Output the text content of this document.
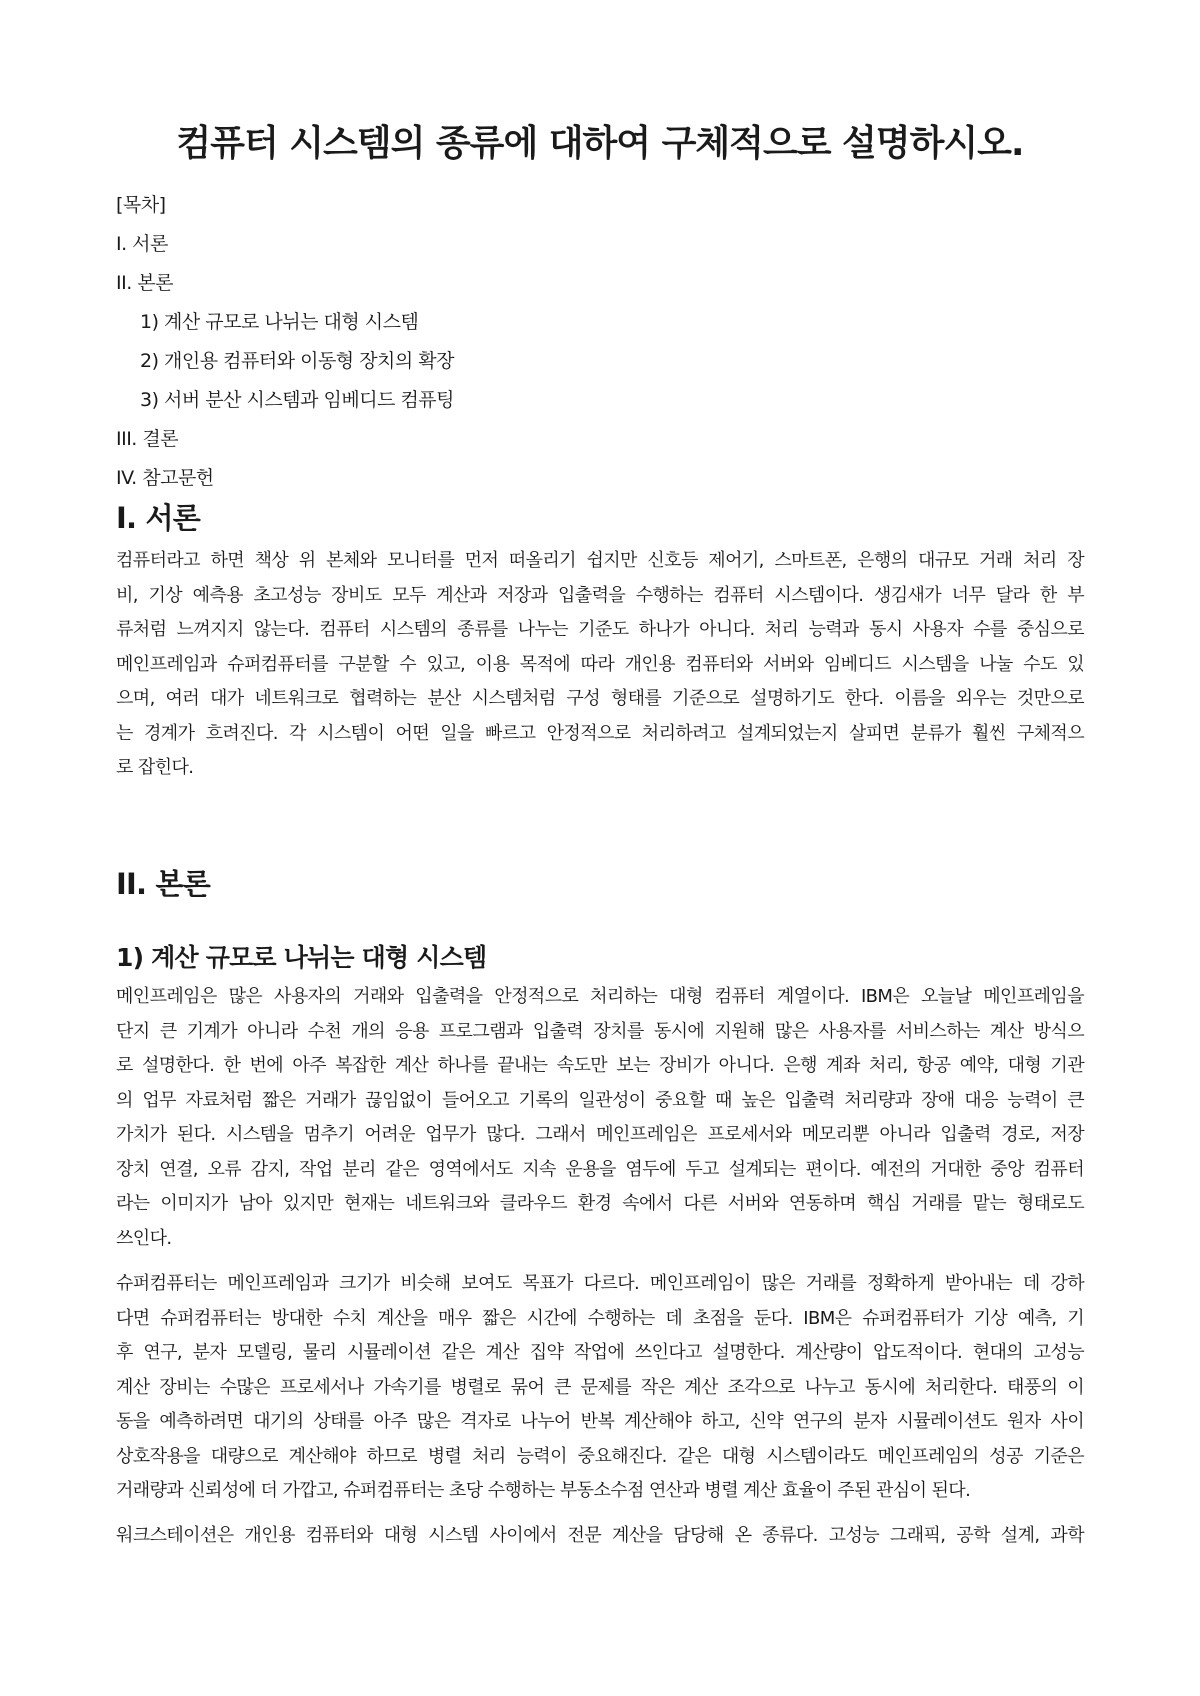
컴퓨터 시스템의 종류에 대하여 구체적으로 설명하시오.
[목차]
I. 서론
II. 본론
1) 계산 규모로 나뉘는 대형 시스템
2) 개인용 컴퓨터와 이동형 장치의 확장
3) 서버 분산 시스템과 임베디드 컴퓨팅
III. 결론
IV. 참고문헌
I. 서론
컴퓨터라고 하면 책상 위 본체와 모니터를 먼저 떠올리기 쉽지만 신호등 제어기, 스마트폰, 은행의 대규모 거래 처리 장
비, 기상 예측용 초고성능 장비도 모두 계산과 저장과 입출력을 수행하는 컴퓨터 시스템이다. 생김새가 너무 달라 한 부
류처럼 느껴지지 않는다. 컴퓨터 시스템의 종류를 나누는 기준도 하나가 아니다. 처리 능력과 동시 사용자 수를 중심으로
메인프레임과 슈퍼컴퓨터를 구분할 수 있고, 이용 목적에 따라 개인용 컴퓨터와 서버와 임베디드 시스템을 나눌 수도 있
으며, 여러 대가 네트워크로 협력하는 분산 시스템처럼 구성 형태를 기준으로 설명하기도 한다. 이름을 외우는 것만으로
는 경계가 흐려진다. 각 시스템이 어떤 일을 빠르고 안정적으로 처리하려고 설계되었는지 살피면 분류가 훨씬 구체적으
로 잡힌다.
II. 본론
1) 계산 규모로 나뉘는 대형 시스템
메인프레임은 많은 사용자의 거래와 입출력을 안정적으로 처리하는 대형 컴퓨터 계열이다. IBM은 오늘날 메인프레임을
단지 큰 기계가 아니라 수천 개의 응용 프로그램과 입출력 장치를 동시에 지원해 많은 사용자를 서비스하는 계산 방식으
로 설명한다. 한 번에 아주 복잡한 계산 하나를 끝내는 속도만 보는 장비가 아니다. 은행 계좌 처리, 항공 예약, 대형 기관
의 업무 자료처럼 짧은 거래가 끊임없이 들어오고 기록의 일관성이 중요할 때 높은 입출력 처리량과 장애 대응 능력이 큰
가치가 된다. 시스템을 멈추기 어려운 업무가 많다. 그래서 메인프레임은 프로세서와 메모리뿐 아니라 입출력 경로, 저장
장치 연결, 오류 감지, 작업 분리 같은 영역에서도 지속 운용을 염두에 두고 설계되는 편이다. 예전의 거대한 중앙 컴퓨터
라는 이미지가 남아 있지만 현재는 네트워크와 클라우드 환경 속에서 다른 서버와 연동하며 핵심 거래를 맡는 형태로도
쓰인다.
슈퍼컴퓨터는 메인프레임과 크기가 비슷해 보여도 목표가 다르다. 메인프레임이 많은 거래를 정확하게 받아내는 데 강하
다면 슈퍼컴퓨터는 방대한 수치 계산을 매우 짧은 시간에 수행하는 데 초점을 둔다. IBM은 슈퍼컴퓨터가 기상 예측, 기
후 연구, 분자 모델링, 물리 시뮬레이션 같은 계산 집약 작업에 쓰인다고 설명한다. 계산량이 압도적이다. 현대의 고성능
계산 장비는 수많은 프로세서나 가속기를 병렬로 묶어 큰 문제를 작은 계산 조각으로 나누고 동시에 처리한다. 태풍의 이
동을 예측하려면 대기의 상태를 아주 많은 격자로 나누어 반복 계산해야 하고, 신약 연구의 분자 시뮬레이션도 원자 사이
상호작용을 대량으로 계산해야 하므로 병렬 처리 능력이 중요해진다. 같은 대형 시스템이라도 메인프레임의 성공 기준은
거래량과 신뢰성에 더 가깝고, 슈퍼컴퓨터는 초당 수행하는 부동소수점 연산과 병렬 계산 효율이 주된 관심이 된다.
워크스테이션은 개인용 컴퓨터와 대형 시스템 사이에서 전문 계산을 담당해 온 종류다. 고성능 그래픽, 공학 설계, 과학
